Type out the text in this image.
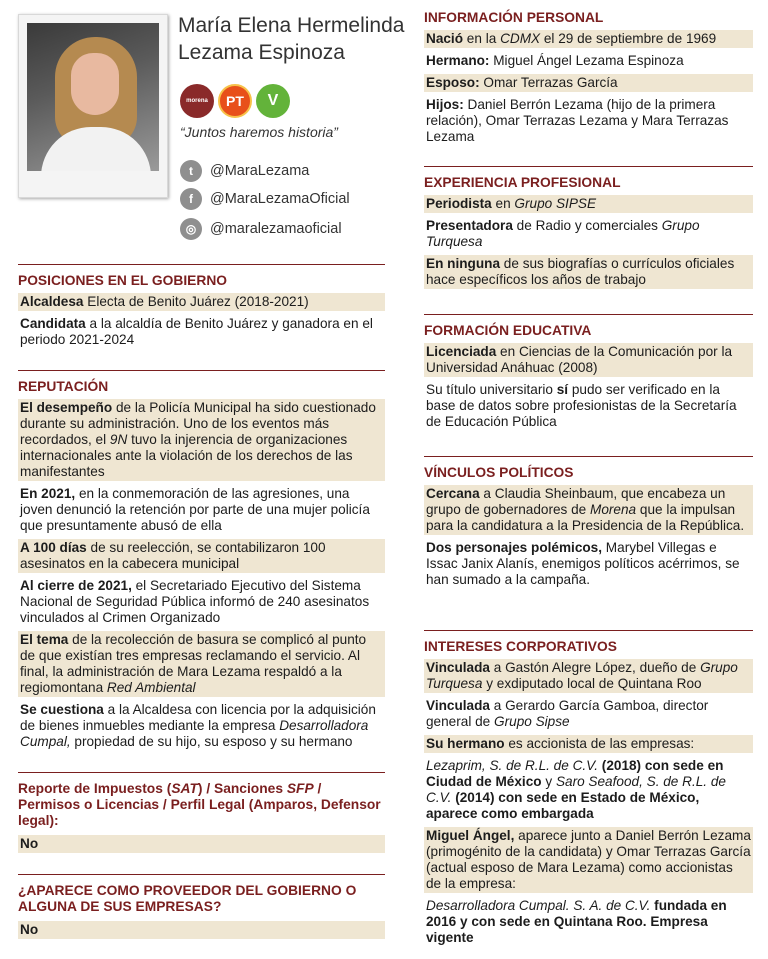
María Elena Hermelinda
Lezama Espinoza
morena	PT	V
“Juntos haremos historia”
t	@MaraLezama
f	@MaraLezamaOficial
◎ @maralezamaoficial
POSICIONES EN EL GOBIERNO
Alcaldesa Electa de Benito Juárez (2018-2021)
Candidata a la alcaldía de Benito Juárez y ganadora en el periodo 2021-2024
REPUTACIÓN
El desempeño de la Policía Municipal ha sido cuestionado durante su administración. Uno de los eventos más recordados, el 9N tuvo la injerencia de organizaciones internacionales ante la violación de los derechos de las manifestantes
En 2021, en la conmemoración de las agresiones, una joven denunció la retención por parte de una mujer policía que presuntamente abusó de ella
A 100 días de su reelección, se contabilizaron 100 asesinatos en la cabecera municipal
Al cierre de 2021, el Secretariado Ejecutivo del Sistema Nacional de Seguridad Pública informó de 240 asesinatos vinculados al Crimen Organizado
El tema de la recolección de basura se complicó al punto de que existían tres empresas reclamando el servicio. Al final, la administración de Mara Lezama respaldó a la regiomontana Red Ambiental
Se cuestiona a la Alcaldesa con licencia por la adquisición de bienes inmuebles mediante la empresa Desarrolladora Cumpal, propiedad de su hijo, su esposo y su hermano
Reporte de Impuestos (SAT) / Sanciones SFP / Permisos o Licencias / Perfil Legal (Amparos, Defensor legal):
No
¿APARECE COMO PROVEEDOR DEL GOBIERNO O ALGUNA DE SUS EMPRESAS?
No
INFORMACIÓN PERSONAL
Nació en la CDMX el 29 de septiembre de 1969
Hermano: Miguel Ángel Lezama Espinoza
Esposo: Omar Terrazas García
Hijos: Daniel Berrón Lezama (hijo de la primera relación), Omar Terrazas Lezama y Mara Terrazas Lezama
EXPERIENCIA PROFESIONAL
Periodista en Grupo SIPSE
Presentadora de Radio y comerciales Grupo Turquesa
En ninguna de sus biografías o currículos oficiales hace específicos los años de trabajo
FORMACIÓN EDUCATIVA
Licenciada en Ciencias de la Comunicación por la Universidad Anáhuac (2008)
Su título universitario sí pudo ser verificado en la base de datos sobre profesionistas de la Secretaría de Educación Pública
VÍNCULOS POLÍTICOS
Cercana a Claudia Sheinbaum, que encabeza un grupo de gobernadores de Morena que la impulsan para la candidatura a la Presidencia de la República.
Dos personajes polémicos, Marybel Villegas e Issac Janix Alanís, enemigos políticos acérrimos, se han sumado a la campaña.
INTERESES CORPORATIVOS
Vinculada a Gastón Alegre López, dueño de Grupo Turquesa y exdiputado local de Quintana Roo
Vinculada a Gerardo García Gamboa, director general de Grupo Sipse
Su hermano es accionista de las empresas:
Lezaprim, S. de R.L. de C.V. (2018) con sede en Ciudad de México y Saro Seafood, S. de R.L. de C.V. (2014) con sede en Estado de México, aparece como embargada
Miguel Ángel, aparece junto a Daniel Berrón Lezama (primogénito de la candidata) y Omar Terrazas García (actual esposo de Mara Lezama) como accionistas de la empresa:
Desarrolladora Cumpal. S. A. de C.V. fundada en 2016 y con sede en Quintana Roo. Empresa vigente
